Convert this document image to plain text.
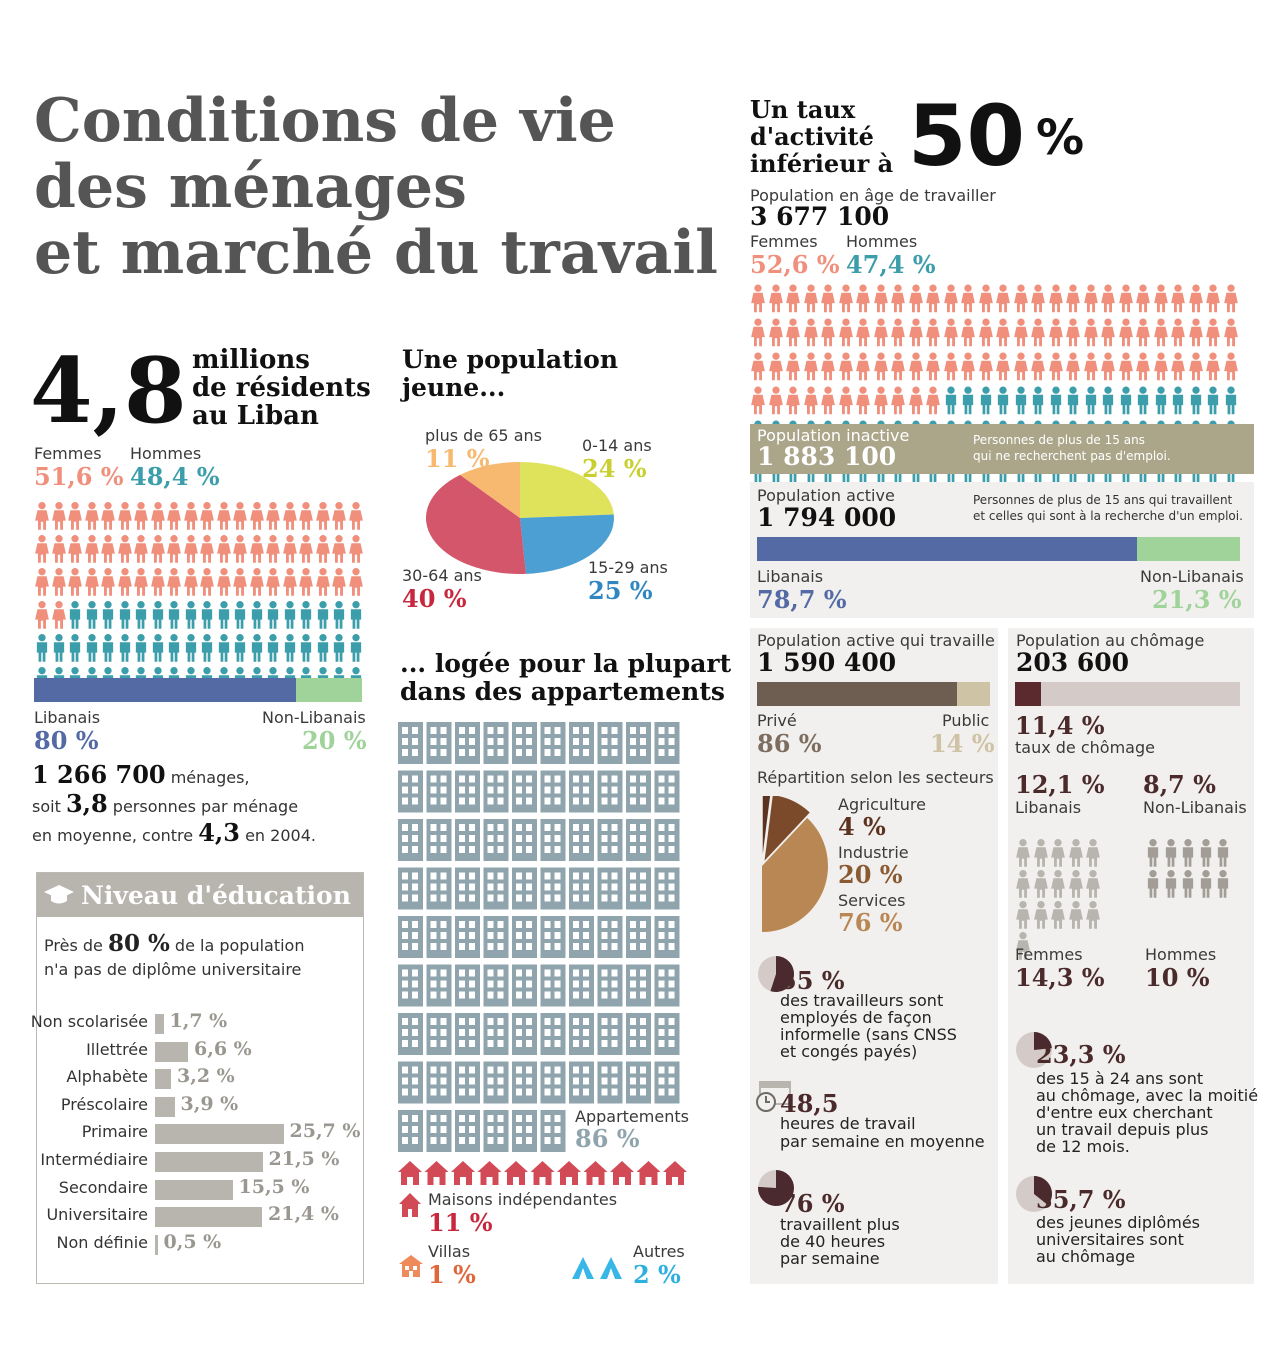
Conditions de vie
des ménages
et marché du travail
4,8 millions
de résidents
au Liban
Femmes Hommes
51,6 % 48,4 %
Libanais	Non-Libanais
80 %	20 %
1 266 700 ménages,
soit 3,8 personnes par ménage
en moyenne, contre 4,3 en 2004.
Niveau d'éducation
Près de 80 % de la population
n'a pas de diplôme universitaire
Non scolarisée 1,7 %
Illettrée 6,6 %
Alphabète 3,2 %
Préscolaire 3,9 %
Primaire	25,7 %
Intermédiaire	21,5 %
Secondaire	15,5 %
Universitaire	21,4 %
Non définie 0,5 %
Une population
jeune...
plus de 65 ans
11 %	0-14 ans
24 %
30-64 ans
40 %
15-29 ans
25 %
... logée pour la plupart
dans des appartements
Appartements
86 %
Maisons indépendantes
11 %
Villas
1 %
Autres
2 %
Un taux
d'activité
inférieur à 50 %
Population en âge de travailler
3 677 100
Femmes Hommes
52,6 % 47,4 %
Population inactive
1 883 100
Personnes de plus de 15 ans
qui ne recherchent pas d'emploi.
Population active
1 794 000
Personnes de plus de 15 ans qui travaillent
et celles qui sont à la recherche d'un emploi.
Libanais	Non-Libanais
78,7 %	21,3 %
Population active qui travaille
1 590 400
Privé	Public
86 %	14 %
Répartition selon les secteurs
Agriculture
4 %
Industrie
20 %
Services
76 %
55 %
des travailleurs sont
employés de façon
informelle (sans CNSS
et congés payés)
48,5
heures de travail
par semaine en moyenne
76 %
travaillent plus
de 40 heures
par semaine
Population au chômage
203 600
11,4 %
taux de chômage
12,1 %
Libanais
8,7 %
Non-Libanais
Femmes
14,3 %
Hommes
10 %
23,3 %
des 15 à 24 ans sont
au chômage, avec la moitié
d'entre eux cherchant
un travail depuis plus
de 12 mois.
35,7 %
des jeunes diplômés
universitaires sont
au chômage
